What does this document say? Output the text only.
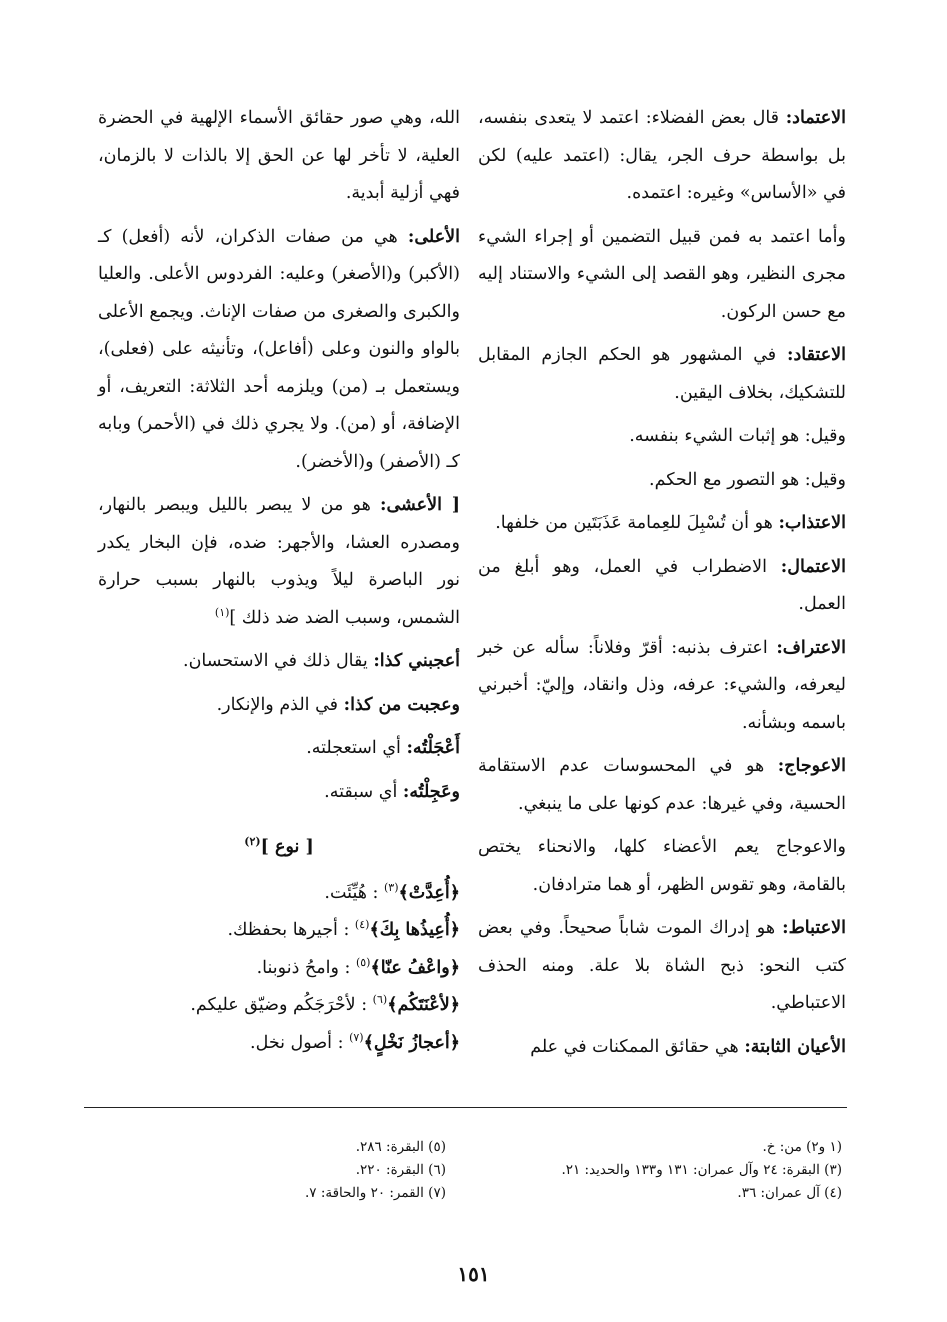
الاعتماد: قال بعض الفضلاء: اعتمد لا يتعدى بنفسه، بل بواسطة حرف الجر، يقال: (اعتمد عليه) لكن في «الأساس» وغيره: اعتمده.

وأما اعتمد به فمن قبيل التضمين أو إجراء الشيء مجرى النظير، وهو القصد إلى الشيء والاستناد إليه مع حسن الركون.

الاعتقاد: في المشهور هو الحكم الجازم المقابل للتشكيك، بخلاف اليقين.

وقيل: هو إثبات الشيء بنفسه.

وقيل: هو التصور مع الحكم.

الاعتذاب: هو أن تُسْبِلَ للعِمامة عَذَبَتَين من خلفها.

الاعتمال: الاضطراب في العمل، وهو أبلغ من العمل.

الاعتراف: اعترف بذنبه: أقرّ وفلاناً: سأله عن خبر ليعرفه، والشيء: عرفه، وذل وانقاد، وإليّ: أخبرني باسمه وبشأنه.

الاعوجاج: هو في المحسوسات عدم الاستقامة الحسية، وفي غيرها: عدم كونها على ما ينبغي.

والاعوجاج يعم الأعضاء كلها، والانحناء يختص بالقامة، وهو تقوس الظهر، أو هما مترادفان.

الاعتباط: هو إدراك الموت شاباً صحيحاً. وفي بعض كتب النحو: ذبح الشاة بلا علة. ومنه الحذف الاعتباطي.

الأعيان الثابتة: هي حقائق الممكنات في علم

الله، وهي صور حقائق الأسماء الإلهية في الحضرة العلية، لا تأخر لها عن الحق إلا بالذات لا بالزمان، فهي أزلية أبدية.

الأعلى: هي من صفات الذكران، لأنه (أفعل) كـ (الأكبر) و(الأصغر) وعليه: الفردوس الأعلى. والعليا والكبرى والصغرى من صفات الإناث. ويجمع الأعلى بالواو والنون وعلى (أفاعل)، وتأنيثه على (فعلى)، ويستعمل بـ (من) ويلزمه أحد الثلاثة: التعريف، أو الإضافة، أو (من). ولا يجري ذلك في (الأحمر) وبابه كـ (الأصفر) و(الأخضر).

[ الأعشى: هو من لا يبصر بالليل ويبصر بالنهار، ومصدره العشا، والأجهر: ضده، فإن البخار يكدر نور الباصرة ليلاً ويذوب بالنهار بسبب حرارة الشمس، وسبب الضد ضد ذلك ]$^{(١)}$

أعجبني كذا: يقال ذلك في الاستحسان.

وعجبت من كذا: في الذم والإنكار.

أَعْجَلْتُه: أي استعجلته.

وعَجِلْتُه: أي سبقته.

[ نوع ]$^{(٢)}$

﴿أُعِدَّتْ﴾$^{(٣)}$ : هُيِّئَت.

﴿أُعِيذُها بِكَ﴾$^{(٤)}$ : أجيرها بحفظك.

﴿واعْفُ عنّا﴾$^{(٥)}$ : وامحُ ذنوبنا.

﴿لأعْنَتَكُم﴾$^{(٦)}$ : لأحْرَجَكُم وضيّق عليكم.

﴿أعجازُ نَخْلٍ﴾$^{(٧)}$ : أصول نخل.

(١ و٢) من: خ.

(٣) البقرة: ٢٤ وآل عمران: ١٣١ و١٣٣ والحديد: ٢١.

(٤) آل عمران: ٣٦.

(٥) البقرة: ٢٨٦.

(٦) البقرة: ٢٢٠.

(٧) القمر: ٢٠ والحاقة: ٧.

١٥١
